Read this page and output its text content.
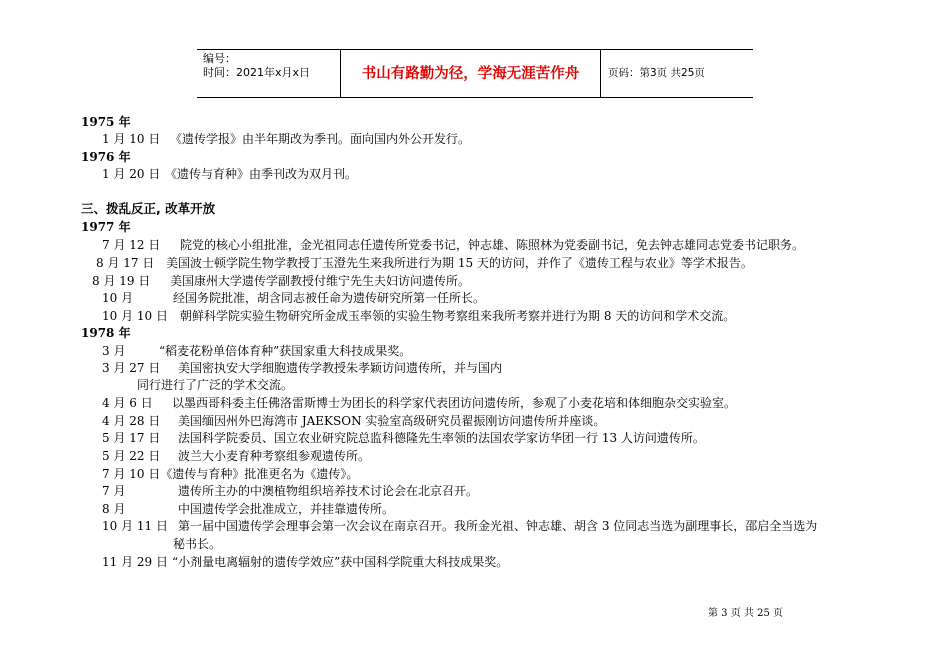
编号：
时间：2021年x月x日	书山有路勤为径，学海无涯苦作舟	页码：第3页 共25页
1975 年
1 月 10 日 《遗传学报》由半年期改为季刊。面向国内外公开发行。
1976 年
1 月 20 日 《遗传与育种》由季刊改为双月刊。
三、拨乱反正, 改革开放
1977 年
7 月 12 日 院党的核心小组批准，金光祖同志任遗传所党委书记，钟志雄、陈照林为党委副书记，免去钟志雄同志党委书记职务。
8 月 17 日 美国波士顿学院生物学教授丁玉澄先生来我所进行为期 15 天的访问，并作了《遗传工程与农业》等学术报告。
8 月 19 日 美国康州大学遗传学副教授付维宁先生夫妇访问遗传所。
10 月	经国务院批准，胡含同志被任命为遗传研究所第一任所长。
10 月 10 日 朝鲜科学院实验生物研究所金成玉率领的实验生物考察组来我所考察并进行为期 8 天的访问和学术交流。
1978 年
3 月	“稻麦花粉单倍体育种”获国家重大科技成果奖。
3 月 27 日 美国密执安大学细胞遗传学教授朱孝颖访问遗传所，并与国内
同行进行了广泛的学术交流。
4 月 6 日 以墨西哥科委主任佛洛雷斯博士为团长的科学家代表团访问遗传所，参观了小麦花培和体细胞杂交实验室。
4 月 28 日 美国缅因州外巴海湾市 JAEKSON 实验室高级研究员翟振刚访问遗传所并座谈。
5 月 17 日 法国科学院委员、国立农业研究院总监科德隆先生率领的法国农学家访华团一行 13 人访问遗传所。
5 月 22 日 波兰大小麦育种考察组参观遗传所。
7 月 10 日《遗传与育种》批准更名为《遗传》。
7 月	遗传所主办的中澳植物组织培养技术讨论会在北京召开。
8 月	中国遗传学会批准成立，并挂靠遗传所。
10 月 11 日 第一届中国遗传学会理事会第一次会议在南京召开。我所金光祖、钟志雄、胡含 3 位同志当选为副理事长，邵启全当选为
秘书长。
11 月 29 日 “小剂量电离辐射的遗传学效应”获中国科学院重大科技成果奖。
第 3 页 共 25 页
